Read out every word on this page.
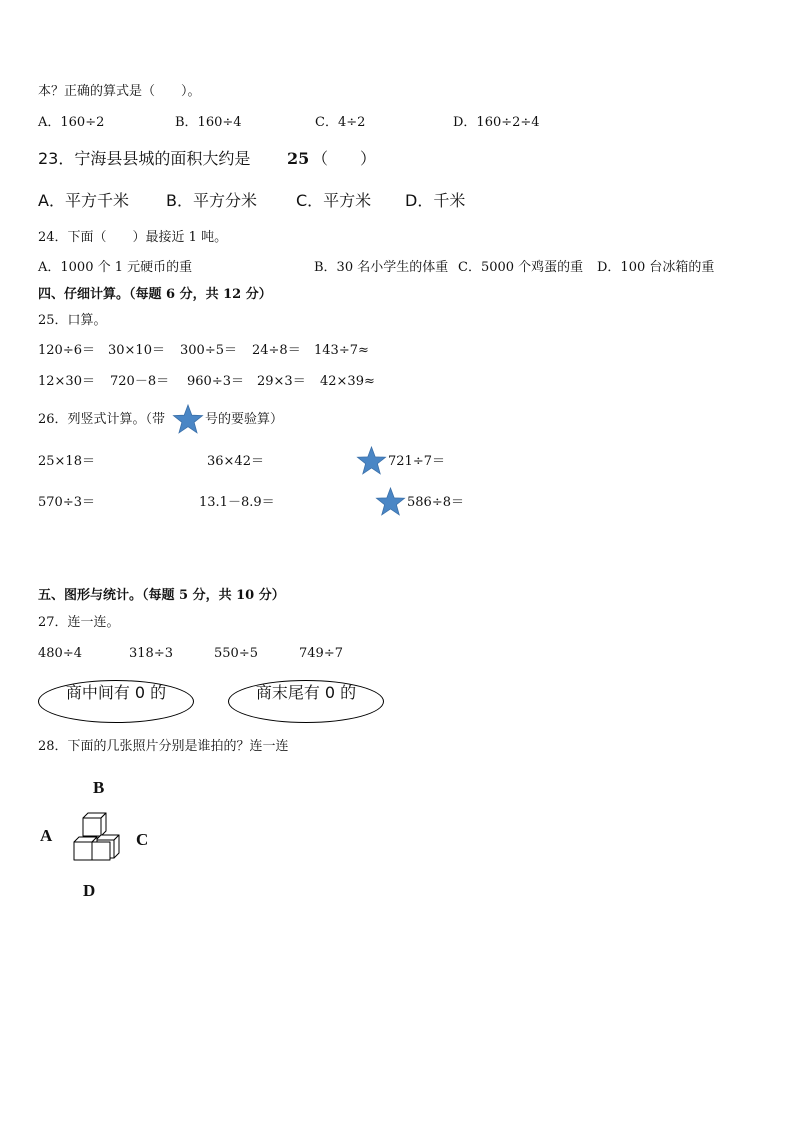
本？正确的算式是（　　）。
A．160÷2	B．160÷4	C．4÷2	D．160÷2÷4
23．宁海县县城的面积大约是 25 （　　）
A．平方千米 B．平方分米 C．平方米 D．千米
24．下面（　　）最接近 1 吨。
A．1000 个 1 元硬币的重	B．30 名小学生的体重 C．5000 个鸡蛋的重 D．100 台冰箱的重
四、仔细计算。（每题 6 分，共 12 分）
25．口算。
120÷6＝ 30×10＝ 300÷5＝ 24÷8＝ 143÷7≈
12×30＝ 720－8＝ 960÷3＝ 29×3＝ 42×39≈
26．列竖式计算。（带	号的要验算）
25×18＝	36×42＝	721÷7＝
570÷3＝	13.1－8.9＝	586÷8＝
五、图形与统计。（每题 5 分，共 10 分）
27．连一连。
480÷4	318÷3	550÷5	749÷7
商中间有 0 的	商末尾有 0 的
28．下面的几张照片分别是谁拍的？连一连
B
A	C
D
